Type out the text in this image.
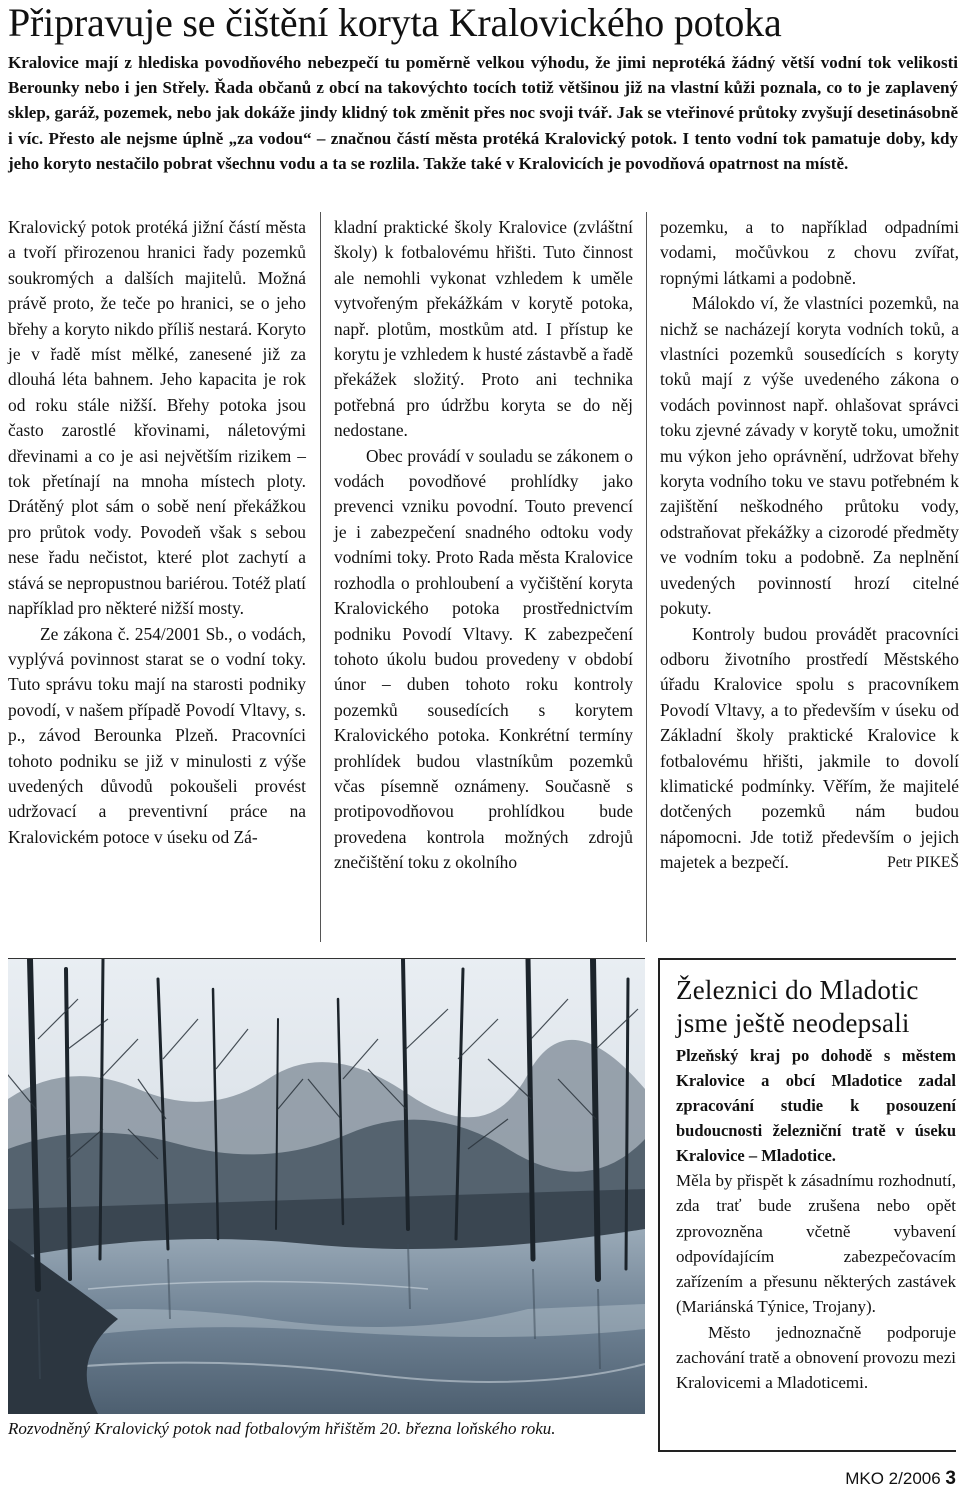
Připravuje se čištění koryta Kralovického potoka

Kralovice mají z hlediska povodňového nebezpečí tu poměrně velkou výhodu, že jimi neprotéká žádný větší vodní tok velikosti Berounky nebo i jen Střely. Řada občanů z obcí na takovýchto tocích totiž většinou již na vlastní kůži poznala, co to je zaplavený sklep, garáž, pozemek, nebo jak dokáže jindy klidný tok změnit přes noc svoji tvář. Jak se vteřinové průtoky zvyšují desetinásobně i víc. Přesto ale nejsme úplně „za vodou“ – značnou částí města protéká Kralovický potok. I tento vodní tok pamatuje doby, kdy jeho koryto nestačilo pobrat všechnu vodu a ta se rozlila. Takže také v Kralovicích je povodňová opatrnost na místě.

Kralovický potok protéká jižní částí města a tvoří přirozenou hranici řady pozemků soukromých a dalších majitelů. Možná právě proto, že teče po hranici, se o jeho břehy a koryto nikdo příliš nestará. Koryto je v řadě míst mělké, zanesené již za dlouhá léta bahnem. Jeho kapacita je rok od roku stále nižší. Břehy potoka jsou často zarostlé křovinami, náletovými dřevinami a co je asi největším rizikem – tok přetínají na mnoha místech ploty. Drátěný plot sám o sobě není překážkou pro průtok vody. Povodeň však s sebou nese řadu nečistot, které plot zachytí a stává se nepropustnou bariérou. Totéž platí například pro některé nižší mosty.

Ze zákona č. 254/2001 Sb., o vodách, vyplývá povinnost starat se o vodní toky. Tuto správu toku mají na starosti podniky povodí, v našem případě Povodí Vltavy, s. p., závod Berounka Plzeň. Pracovníci tohoto podniku se již v minulosti z výše uvedených důvodů pokoušeli provést udržovací a preventivní práce na Kralovickém potoce v úseku od Zá-

kladní praktické školy Kralovice (zvláštní školy) k fotbalovému hřišti. Tuto činnost ale nemohli vykonat vzhledem k uměle vytvořeným překážkám v korytě potoka, např. plotům, mostkům atd. I přístup ke korytu je vzhledem k husté zástavbě a řadě překážek složitý. Proto ani technika potřebná pro údržbu koryta se do něj nedostane.

Obec provádí v souladu se zákonem o vodách povodňové prohlídky jako prevenci vzniku povodní. Touto prevencí je i zabezpečení snadného odtoku vody vodními toky. Proto Rada města Kralovice rozhodla o prohloubení a vyčištění koryta Kralovického potoka prostřednictvím podniku Povodí Vltavy. K zabezpečení tohoto úkolu budou provedeny v období únor – duben tohoto roku kontroly pozemků sousedících s korytem Kralovického potoka. Konkrétní termíny prohlídek budou vlastníkům pozemků včas písemně oznámeny. Současně s protipovodňovou prohlídkou bude provedena kontrola možných zdrojů znečištění toku z okolního

pozemku, a to například odpadními vodami, močůvkou z chovu zvířat, ropnými látkami a podobně.

Málokdo ví, že vlastníci pozemků, na nichž se nacházejí koryta vodních toků, a vlastníci pozemků sousedících s koryty toků mají z výše uvedeného zákona o vodách povinnost např. ohlašovat správci toku zjevné závady v korytě toku, umožnit mu výkon jeho oprávnění, udržovat břehy koryta vodního toku ve stavu potřebném k zajištění neškodného průtoku vody, odstraňovat překážky a cizorodé předměty ve vodním toku a podobně. Za neplnění uvedených povinností hrozí citelné pokuty.

Kontroly budou provádět pracovníci odboru životního prostředí Městského úřadu Kralovice spolu s pracovníkem Povodí Vltavy, a to především v úseku od Základní školy praktické Kralovice k fotbalovému hřišti, jakmile to dovolí klimatické podmínky. Věřím, že majitelé dotčených pozemků nám budou nápomocni. Jde totiž především o jejich majetek a bezpečí.	Petr PIKEŠ

Rozvodněný Kralovický potok nad fotbalovým hřištěm 20. března loňského roku.
Železnici do Mladotic jsme ještě neodepsali

Plzeňský kraj po dohodě s městem Kralovice a obcí Mladotice zadal zpracování studie k posouzení budoucnosti železniční tratě v úseku Kralovice – Mladotice.

Měla by přispět k zásadnímu rozhodnutí, zda trať bude zrušena nebo opět zprovozněna včetně vybavení odpovídajícím zabezpečovacím zařízením a přesunu některých zastávek (Mariánská Týnice, Trojany).

Město jednoznačně podporuje zachování tratě a obnovení provozu mezi Kralovicemi a Mladoticemi.

MKO 2/2006 3
